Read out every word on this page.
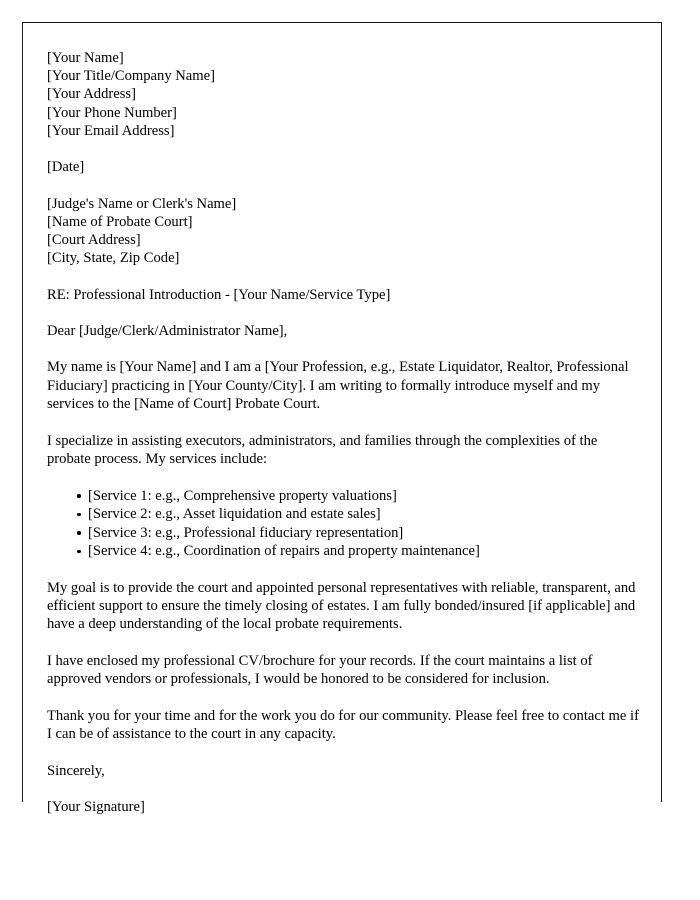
[Your Name]
[Your Title/Company Name]
[Your Address]
[Your Phone Number]
[Your Email Address]
[Date]
[Judge's Name or Clerk's Name]
[Name of Probate Court]
[Court Address]
[City, State, Zip Code]
RE: Professional Introduction - [Your Name/Service Type]
Dear [Judge/Clerk/Administrator Name],

My name is [Your Name] and I am a [Your Profession, e.g., Estate Liquidator, Realtor, Professional Fiduciary] practicing in [Your County/City]. I am writing to formally introduce myself and my services to the [Name of Court] Probate Court.

I specialize in assisting executors, administrators, and families through the complexities of the probate process. My services include:

[Service 1: e.g., Comprehensive property valuations]
[Service 2: e.g., Asset liquidation and estate sales]
[Service 3: e.g., Professional fiduciary representation]
[Service 4: e.g., Coordination of repairs and property maintenance]

My goal is to provide the court and appointed personal representatives with reliable, transparent, and efficient support to ensure the timely closing of estates. I am fully bonded/insured [if applicable] and have a deep understanding of the local probate requirements.

I have enclosed my professional CV/brochure for your records. If the court maintains a list of approved vendors or professionals, I would be honored to be considered for inclusion.

Thank you for your time and for the work you do for our community. Please feel free to contact me if I can be of assistance to the court in any capacity.

Sincerely,
[Your Signature]
